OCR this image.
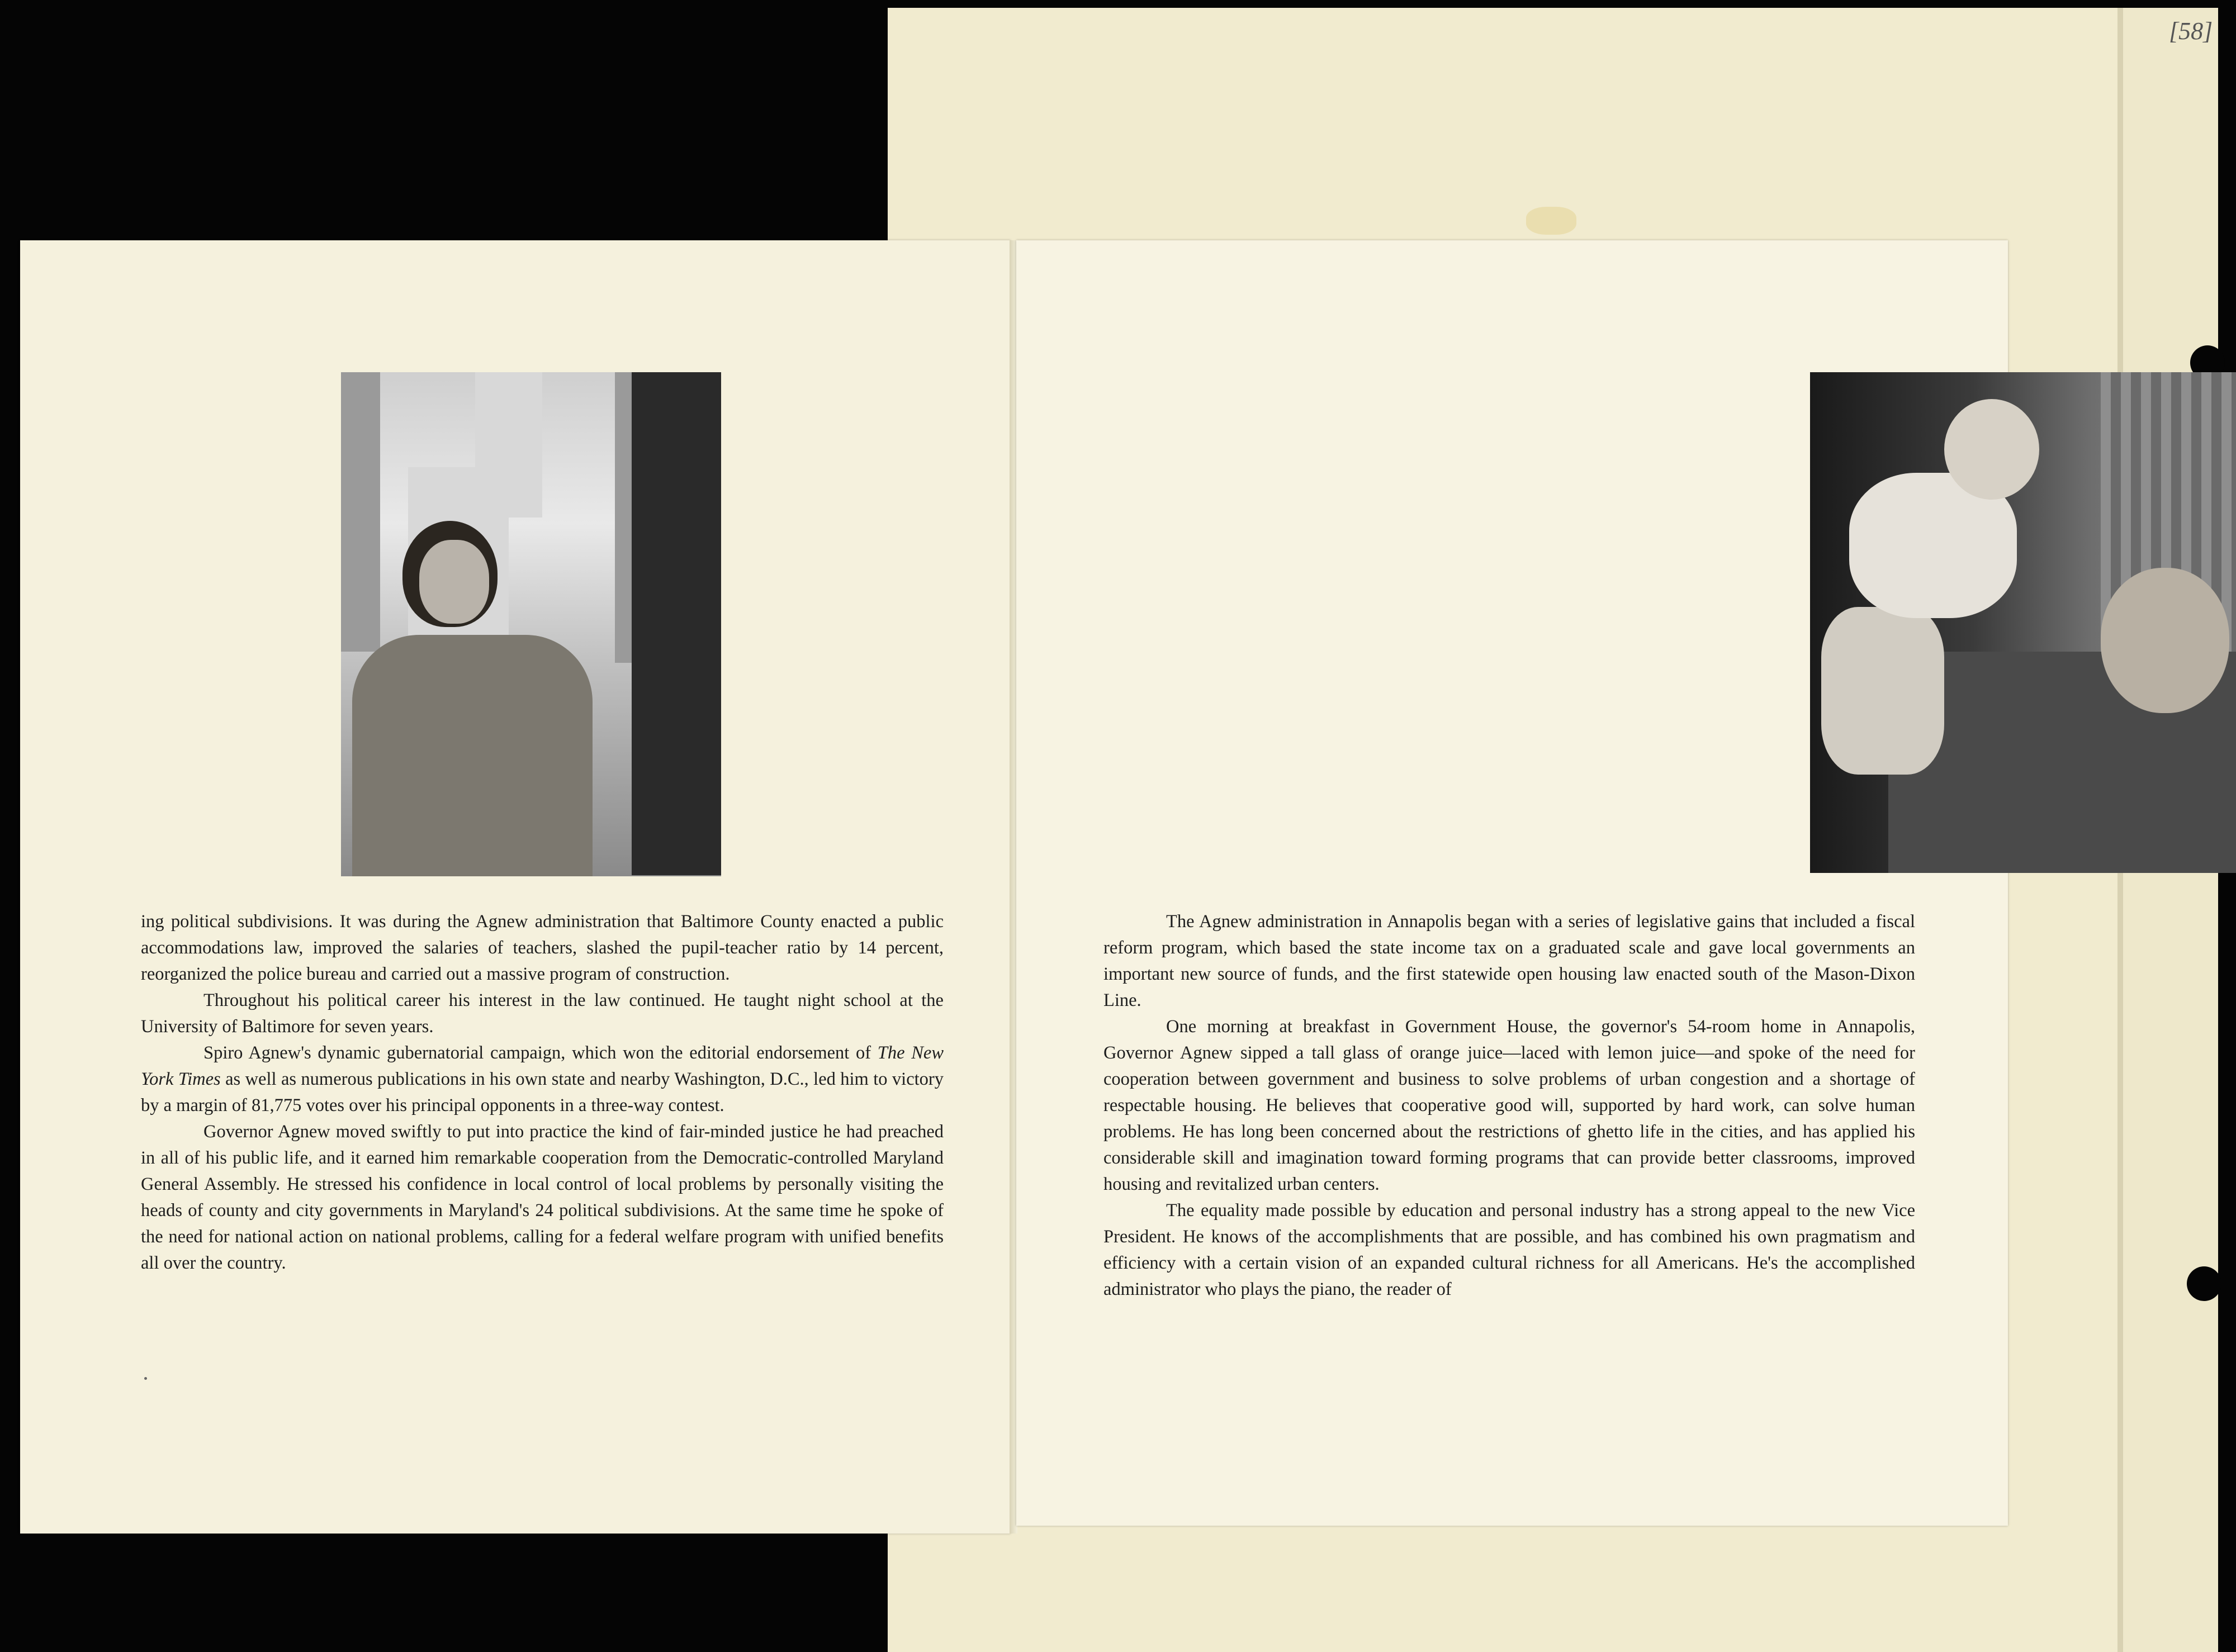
[58]

ing political subdivisions. It was during the Agnew administration that Baltimore County enacted a public accommodations law, improved the salaries of teachers, slashed the pupil-teacher ratio by 14 percent, reorganized the police bureau and carried out a massive program of construction.

Throughout his political career his interest in the law continued. He taught night school at the University of Baltimore for seven years.

Spiro Agnew's dynamic gubernatorial campaign, which won the editorial endorsement of The New York Times as well as numerous publications in his own state and nearby Washington, D.C., led him to victory by a margin of 81,775 votes over his principal opponents in a three-way contest.

Governor Agnew moved swiftly to put into practice the kind of fair-minded justice he had preached in all of his public life, and it earned him remarkable cooperation from the Democratic-controlled Maryland General Assembly. He stressed his confidence in local control of local problems by personally visiting the heads of county and city governments in Maryland's 24 political subdivisions. At the same time he spoke of the need for national action on national problems, calling for a federal welfare program with unified benefits all over the country.

The Agnew administration in Annapolis began with a series of legislative gains that included a fiscal reform program, which based the state income tax on a graduated scale and gave local governments an important new source of funds, and the first statewide open housing law enacted south of the Mason-Dixon Line.

One morning at breakfast in Government House, the governor's 54-room home in Annapolis, Governor Agnew sipped a tall glass of orange juice—laced with lemon juice—and spoke of the need for cooperation between government and business to solve problems of urban congestion and a shortage of respectable housing. He believes that cooperative good will, supported by hard work, can solve human problems. He has long been concerned about the restrictions of ghetto life in the cities, and has applied his considerable skill and imagination toward forming programs that can provide better classrooms, improved housing and revitalized urban centers.

The equality made possible by education and personal industry has a strong appeal to the new Vice President. He knows of the accomplishments that are possible, and has combined his own pragmatism and efficiency with a certain vision of an expanded cultural richness for all Americans. He's the accomplished administrator who plays the piano, the reader of
